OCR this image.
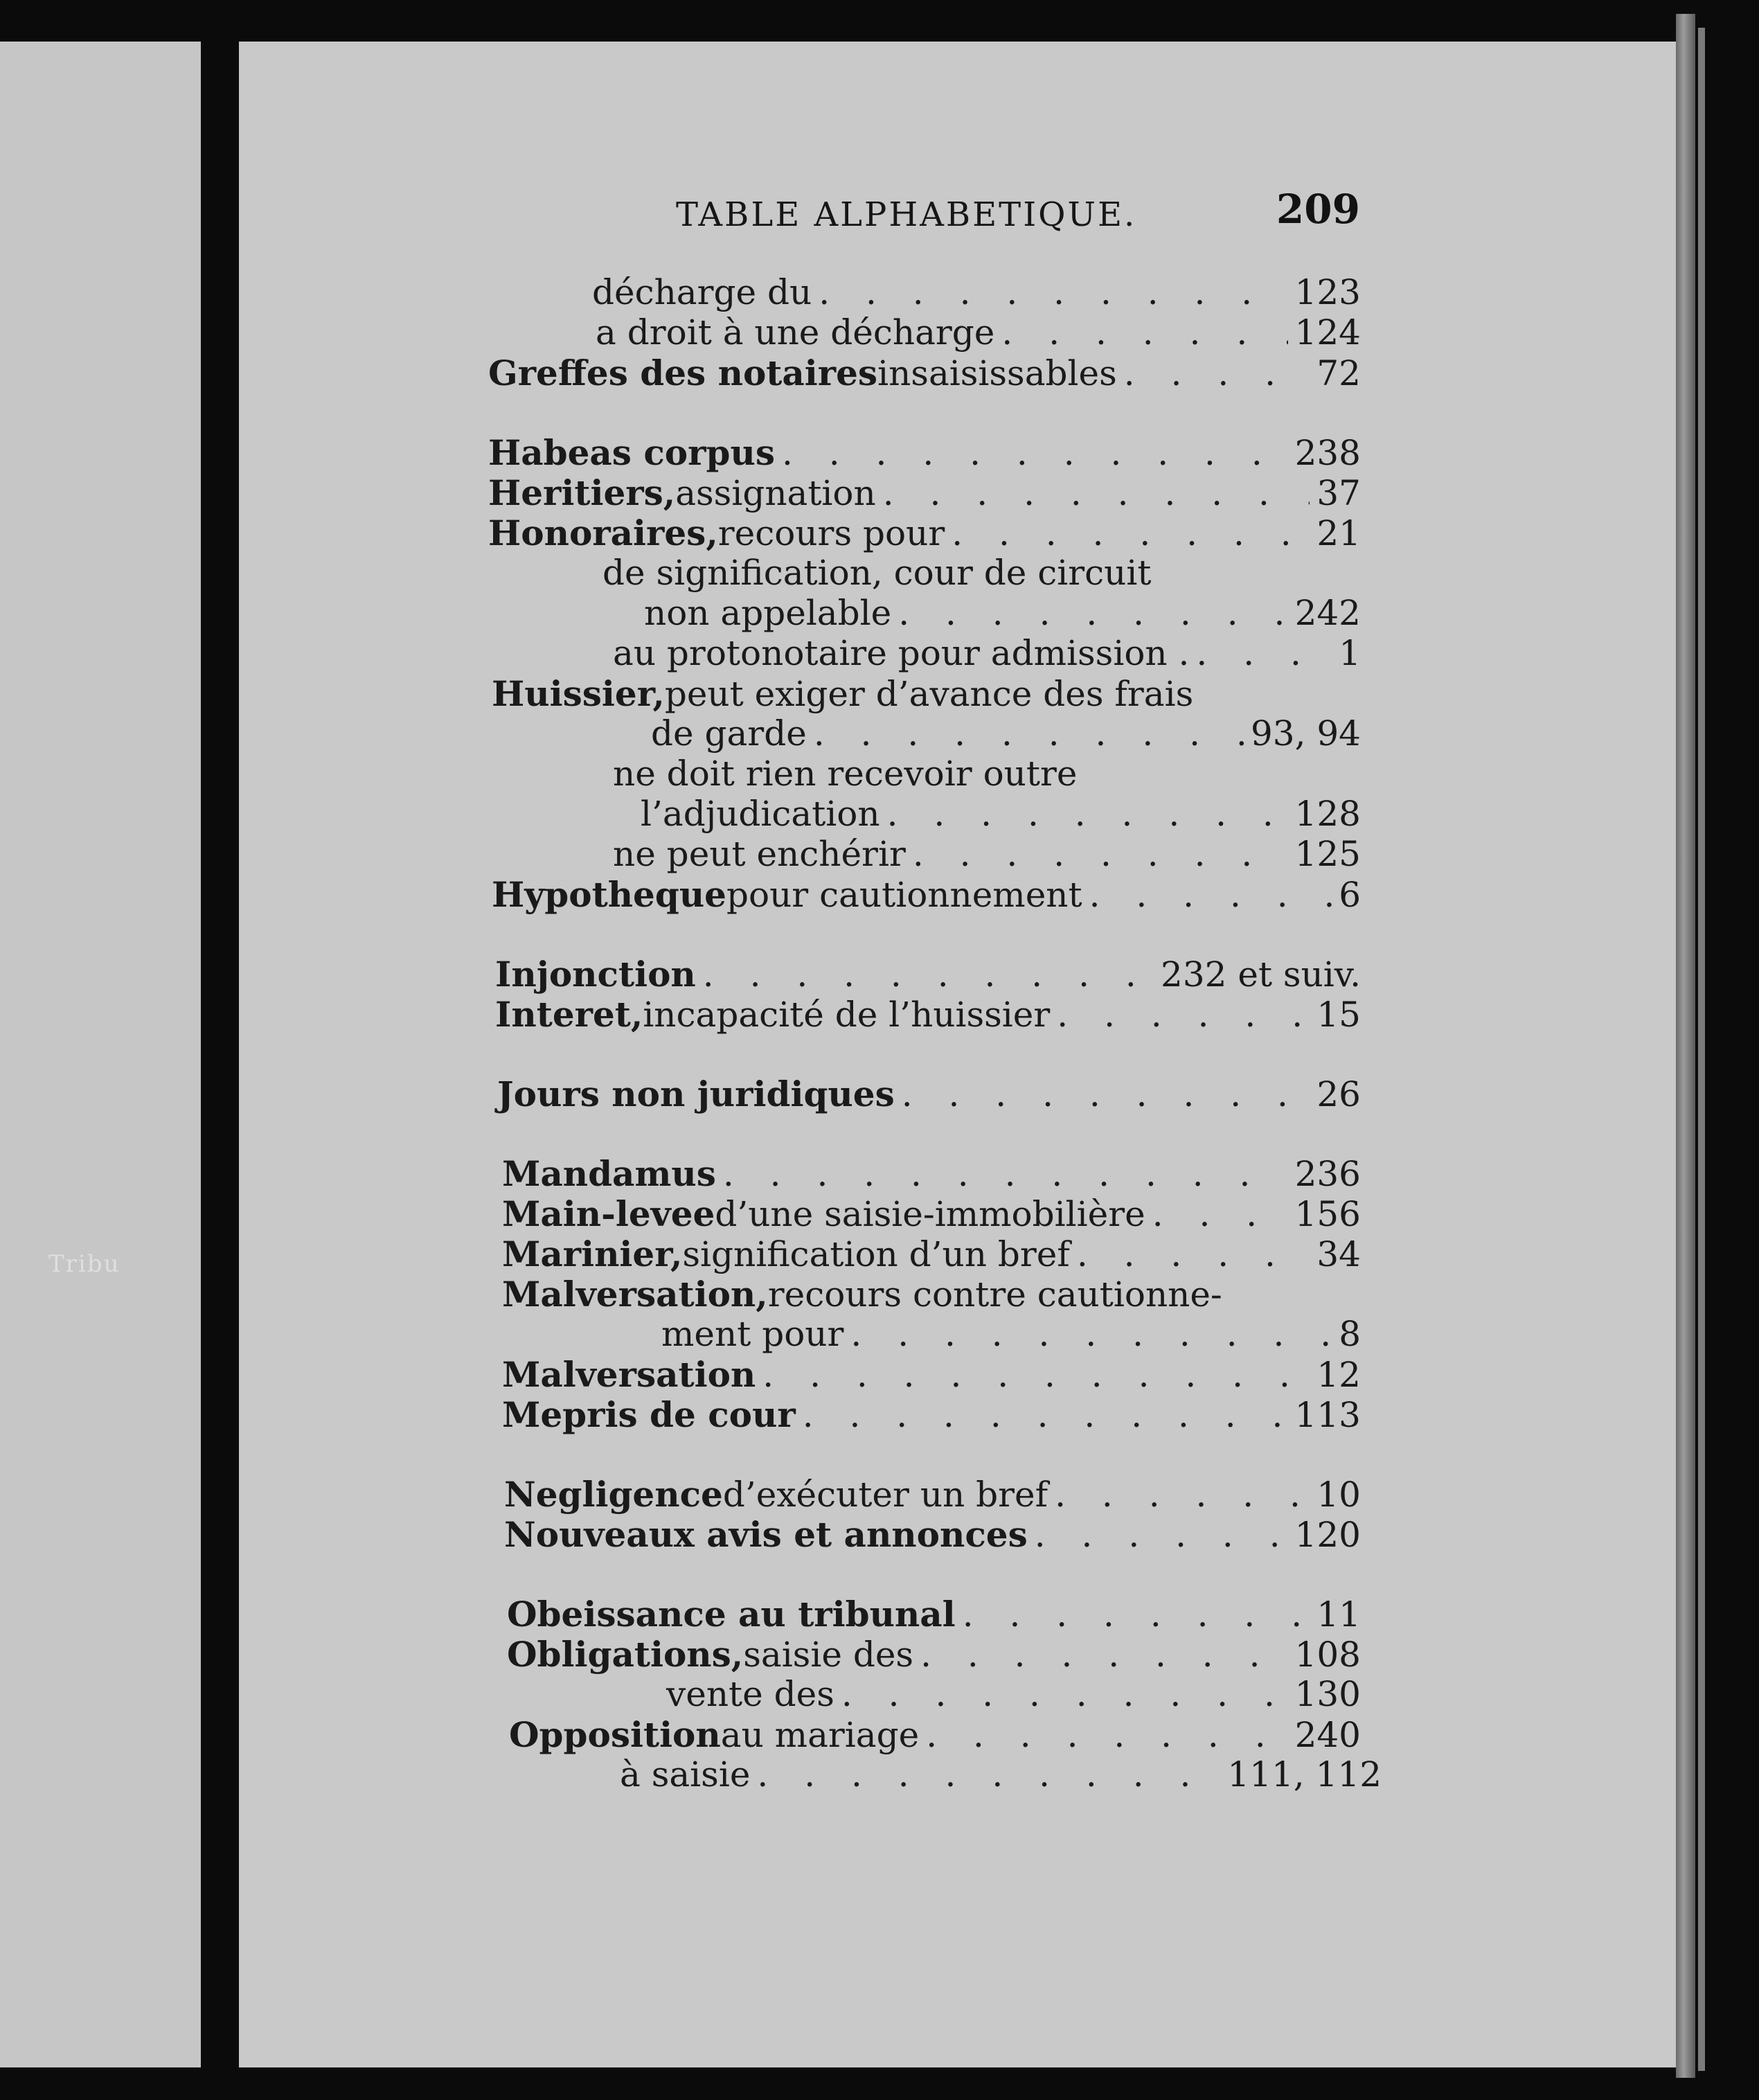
Tribu
TABLE ALPHABETIQUE.	209
décharge du . . .	123
a droit à une décharge . . .	124
Greffes des notaires insaisissables . . .	72
Habeas corpus . . .	238
Heritiers, assignation . . .	37
Honoraires, recours pour . . .	21
de signification, cour de circuit
non appelable . . .	242
au protonotaire pour admission . . . .	1
Huissier, peut exiger d’avance des frais
de garde . . .	93, 94
ne doit rien recevoir outre
l’adjudication . . .	128
ne peut enchérir . . .	125
Hypotheque pour cautionnement . . .	6
Injonction . . .	232 et suiv.
Interet, incapacité de l’huissier . . .	15
Jours non juridiques . . .	26
Mandamus . . .	236
Main-levee d’une saisie-immobilière . . .	156
Marinier, signification d’un bref . . .	34
Malversation, recours contre cautionne-
ment pour . . .	8
Malversation . . .	12
Mepris de cour . . .	113
Negligence d’exécuter un bref . . .	10
Nouveaux avis et annonces . . .	120
Obeissance au tribunal . . .	11
Obligations, saisie des . . .	108
vente des . . .	130
Opposition au mariage . . .	240
à saisie . . .	111, 112
